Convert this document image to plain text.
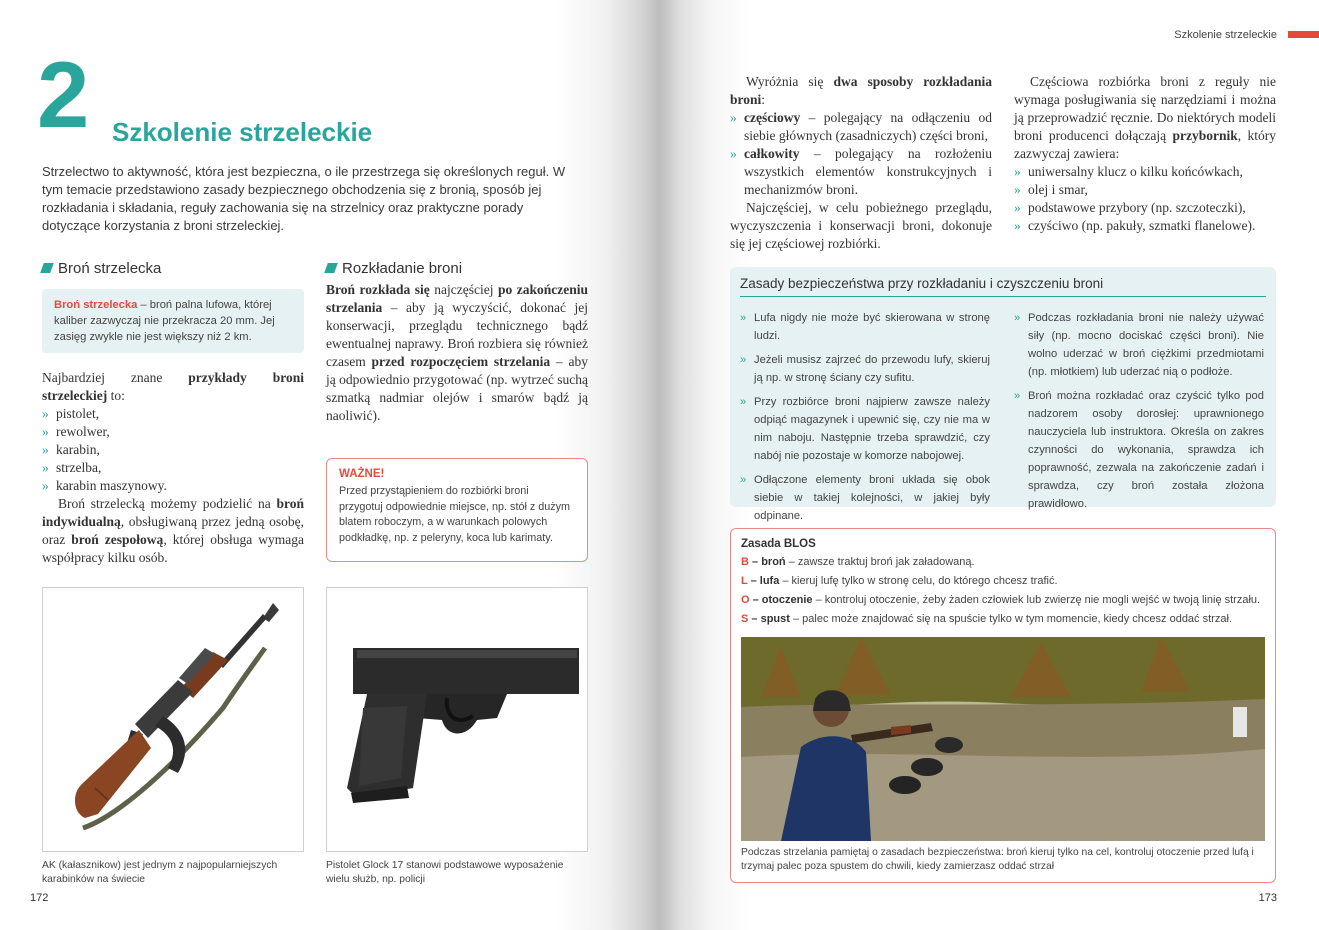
2 Szkolenie strzeleckie
Strzelectwo to aktywność, która jest bezpieczna, o ile przestrzega się określonych reguł. W tym temacie przedstawiono zasady bezpiecznego obchodzenia się z bronią, sposób jej rozkładania i składania, reguły zachowania się na strzelnicy oraz praktyczne porady dotyczące korzystania z broni strzeleckiej.
Broń strzelecka

Broń strzelecka – broń palna lufowa, której kaliber zazwyczaj nie przekracza 20 mm. Jej zasięg zwykle nie jest większy niż 2 km.

Najbardziej znane przykłady broni strzeleckiej to:
» pistolet,
» rewolwer,
» karabin,
» strzelba,
» karabin maszynowy.
Broń strzelecką możemy podzielić na broń indywidualną, obsługiwaną przez jedną osobę, oraz broń zespołową, której obsługa wymaga współpracy kilku osób.
Rozkładanie broni
Broń rozkłada się najczęściej po zakończeniu strzelania – aby ją wyczyścić, dokonać jej konserwacji, przeglądu technicznego bądź ewentualnej naprawy. Broń rozbiera się również czasem przed rozpoczęciem strzelania – aby ją odpowiednio przygotować (np. wytrzeć suchą szmatką nadmiar olejów i smarów bądź ją naoliwić).
WAŻNE!

Przed przystąpieniem do rozbiórki broni przygotuj odpowiednie miejsce, np. stół z dużym blatem roboczym, a w warunkach polowych podkładkę, np. z peleryny, koca lub karimaty.

AK (kałasznikow) jest jednym z najpopularniejszych karabinków na świecie
Pistolet Glock 17 stanowi podstawowe wyposażenie wielu służb, np. policji
172
Szkolenie strzeleckie
Wyróżnia się dwa sposoby rozkładania broni:
» częściowy – polegający na odłączeniu od siebie głównych (zasadniczych) części broni,
» całkowity – polegający na rozłożeniu wszystkich elementów konstrukcyjnych i mechanizmów broni.
Najczęściej, w celu pobieżnego przeglądu, wyczyszczenia i konserwacji broni, dokonuje się jej częściowej rozbiórki.
Częściowa rozbiórka broni z reguły nie wymaga posługiwania się narzędziami i można ją przeprowadzić ręcznie. Do niektórych modeli broni producenci dołączają przybornik, który zazwyczaj zawiera:
» uniwersalny klucz o kilku końcówkach,
» olej i smar,
» podstawowe przybory (np. szczoteczki),
» czyściwo (np. pakuły, szmatki flanelowe).
Zasady bezpieczeństwa przy rozkładaniu i czyszczeniu broni
» Lufa nigdy nie może być skierowana w stronę ludzi.
» Jeżeli musisz zajrzeć do przewodu lufy, skieruj ją np. w stronę ściany czy sufitu.
» Przy rozbiórce broni najpierw zawsze należy odpiąć magazynek i upewnić się, czy nie ma w nim naboju. Następnie trzeba sprawdzić, czy nabój nie pozostaje w komorze nabojowej.
» Odłączone elementy broni układa się obok siebie w takiej kolejności, w jakiej były odpinane.
» Podczas rozkładania broni nie należy używać siły (np. mocno dociskać części broni). Nie wolno uderzać w broń ciężkimi przedmiotami (np. młotkiem) lub uderzać nią o podłoże.
» Broń można rozkładać oraz czyścić tylko pod nadzorem osoby dorosłej: uprawnionego nauczyciela lub instruktora. Określa on zakres czynności do wykonania, sprawdza ich poprawność, zezwala na zakończenie zadań i sprawdza, czy broń została złożona prawidłowo.
Zasada BLOS
B – broń – zawsze traktuj broń jak załadowaną.
L – lufa – kieruj lufę tylko w stronę celu, do którego chcesz trafić.
O – otoczenie – kontroluj otoczenie, żeby żaden człowiek lub zwierzę nie mogli wejść w twoją linię strzału.
S – spust – palec może znajdować się na spuście tylko w tym momencie, kiedy chcesz oddać strzał.
Podczas strzelania pamiętaj o zasadach bezpieczeństwa: broń kieruj tylko na cel, kontroluj otoczenie przed lufą i trzymaj palec poza spustem do chwili, kiedy zamierzasz oddać strzał
173
